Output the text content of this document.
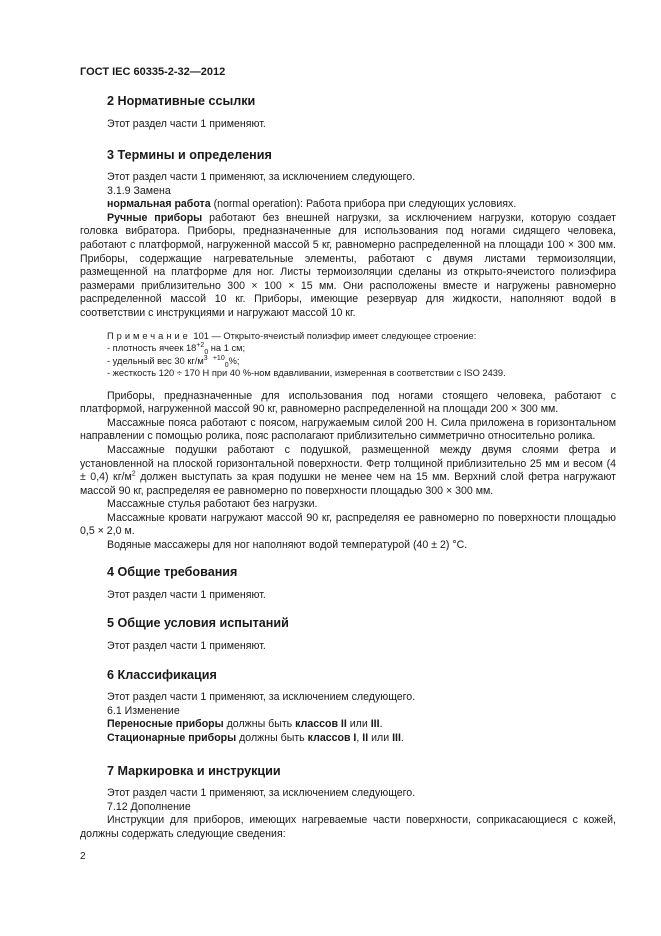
ГОСТ IEC 60335-2-32—2012
2 Нормативные ссылки

Этот раздел части 1 применяют.

3 Термины и определения

Этот раздел части 1 применяют, за исключением следующего.

3.1.9 Замена

нормальная работа (normal operation): Работа прибора при следующих условиях.

Ручные приборы работают без внешней нагрузки, за исключением нагрузки, которую создает головка вибратора. Приборы, предназначенные для использования под ногами сидящего человека, работают с платформой, нагруженной массой 5 кг, равномерно распределенной на площади 100 × 300 мм. Приборы, содержащие нагревательные элементы, работают с двумя листами термоизоляции, размещенной на платформе для ног. Листы термоизоляции сделаны из открыто-ячеистого полиэфира размерами приблизительно 300 × 100 × 15 мм. Они расположены вместе и нагружены равномерно распределенной массой 10 кг. Приборы, имеющие резервуар для жидкости, наполняют водой в соответствии с инструкциями и нагружают массой 10 кг.

Примечание 101 — Открыто-ячеистый полиэфир имеет следующее строение:

- плотность ячеек $18^{+2}_0$ на 1 см;

- удельный вес 30 $кг/м^3$ $^{+10}_0$%;

- жесткость 120 ÷ 170 Н при 40 %-ном вдавливании, измеренная в соответствии с ISO 2439.

Приборы, предназначенные для использования под ногами стоящего человека, работают с платформой, нагруженной массой 90 кг, равномерно распределенной на площади 200 × 300 мм.

Массажные пояса работают с поясом, нагружаемым силой 200 Н. Сила приложена в горизонтальном направлении с помощью ролика, пояс располагают приблизительно симметрично относительно ролика.

Массажные подушки работают с подушкой, размещенной между двумя слоями фетра и установленной на плоской горизонтальной поверхности. Фетр толщиной приблизительно 25 мм и весом (4 ± 0,4) $кг/м^2$ должен выступать за края подушки не менее чем на 15 мм. Верхний слой фетра нагружают массой 90 кг, распределяя ее равномерно по поверхности площадью 300 × 300 мм.

Массажные стулья работают без нагрузки.

Массажные кровати нагружают массой 90 кг, распределяя ее равномерно по поверхности площадью 0,5 × 2,0 м.

Водяные массажеры для ног наполняют водой температурой (40 ± 2) °С.

4 Общие требования

Этот раздел части 1 применяют.

5 Общие условия испытаний

Этот раздел части 1 применяют.

6 Классификация

Этот раздел части 1 применяют, за исключением следующего.

6.1 Изменение

Переносные приборы должны быть классов II или III.

Стационарные приборы должны быть классов I, II или III.

7 Маркировка и инструкции

Этот раздел части 1 применяют, за исключением следующего.

7.12 Дополнение

Инструкции для приборов, имеющих нагреваемые части поверхности, соприкасающиеся с кожей, должны содержать следующие сведения:

2
